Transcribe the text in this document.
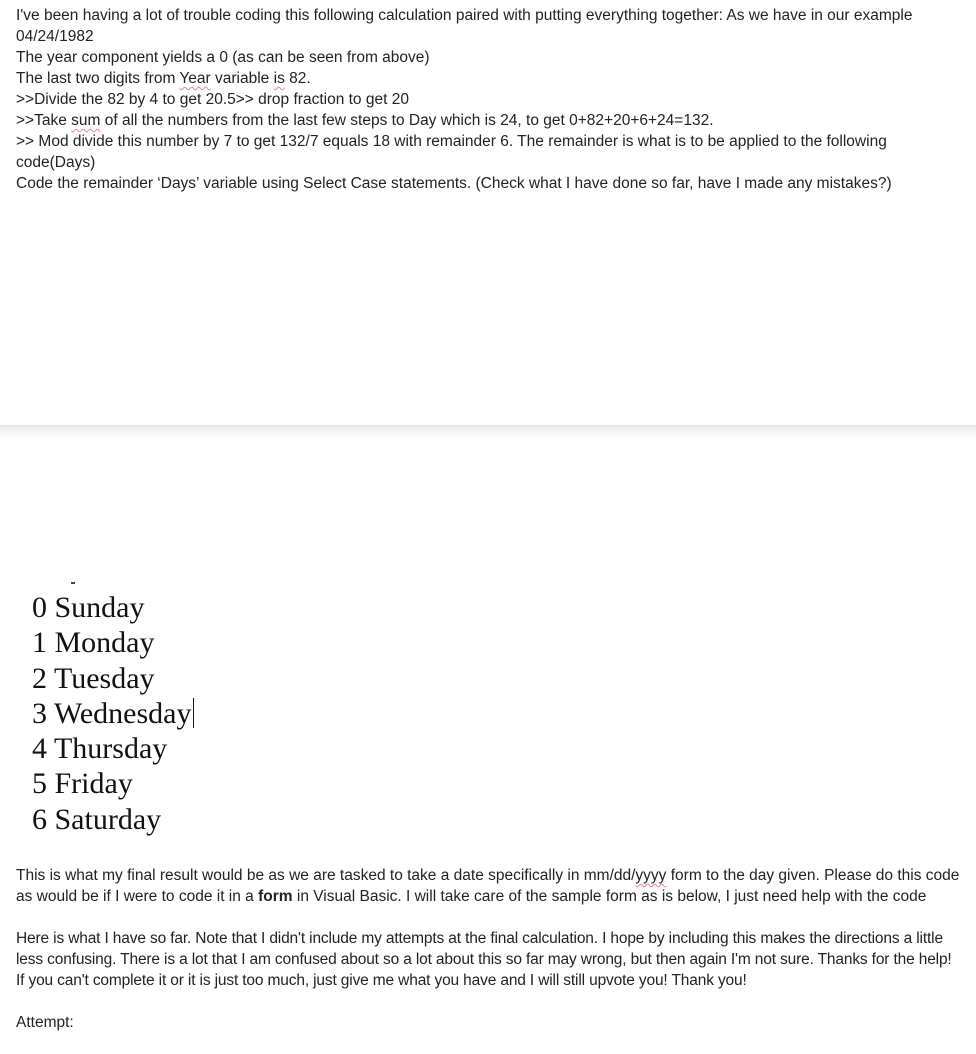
I've been having a lot of trouble coding this following calculation paired with putting everything together: As we have in our example 04/24/1982

The year component yields a 0 (as can be seen from above)

The last two digits from Year variable is 82.

>>Divide the 82 by 4 to get 20.5>> drop fraction to get 20

>>Take sum of all the numbers from the last few steps to Day which is 24, to get 0+82+20+6+24=132.

>> Mod divide this number by 7 to get 132/7 equals 18 with remainder 6. The remainder is what is to be applied to the following code(Days)

Code the remainder ‘Days’ variable using Select Case statements. (Check what I have done so far, have I made any mistakes?)

0 Sunday
1 Monday
2 Tuesday
3 Wednesday
4 Thursday
5 Friday
6 Saturday

This is what my final result would be as we are tasked to take a date specifically in mm/dd/yyyy form to the day given. Please do this code as would be if I were to code it in a form in Visual Basic. I will take care of the sample form as is below, I just need help with the code

Here is what I have so far. Note that I didn't include my attempts at the final calculation. I hope by including this makes the directions a little less confusing. There is a lot that I am confused about so a lot about this so far may wrong, but then again I'm not sure. Thanks for the help! If you can't complete it or it is just too much, just give me what you have and I will still upvote you! Thank you!

Attempt:
